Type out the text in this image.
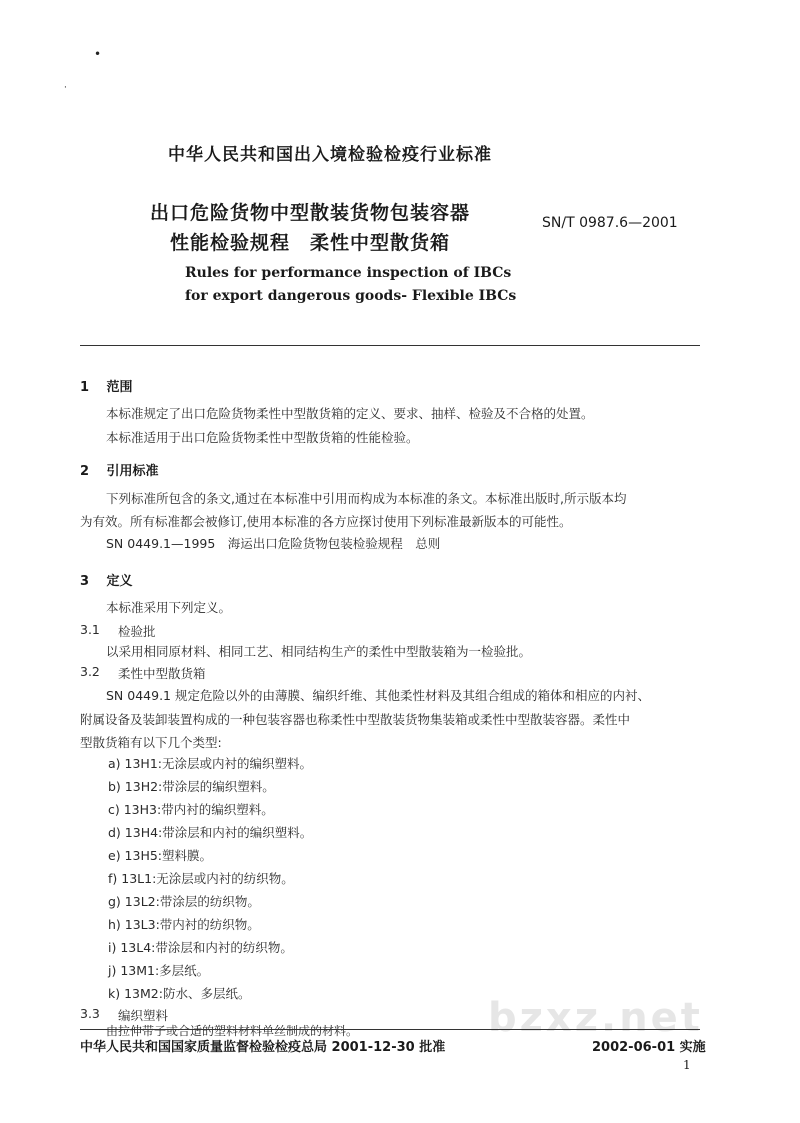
•
·
中华人民共和国出入境检验检疫行业标准
出口危险货物中型散装货物包装容器
性能检验规程　柔性中型散货箱
SN/T 0987.6—2001
Rules for performance inspection of IBCs
for export dangerous goods- Flexible IBCs
1 范围
本标准规定了出口危险货物柔性中型散货箱的定义、要求、抽样、检验及不合格的处置。
本标准适用于出口危险货物柔性中型散货箱的性能检验。
2 引用标准
下列标准所包含的条文,通过在本标准中引用而构成为本标准的条文。本标准出版时,所示版本均
为有效。所有标准都会被修订,使用本标准的各方应探讨使用下列标准最新版本的可能性。
SN 0449.1—1995　海运出口危险货物包装检验规程　总则
3 定义
本标准采用下列定义。
3.1 检验批
以采用相同原材料、相同工艺、相同结构生产的柔性中型散装箱为一检验批。
3.2 柔性中型散货箱
SN 0449.1 规定危险以外的由薄膜、编织纤维、其他柔性材料及其组合组成的箱体和相应的内衬、
附属设备及装卸装置构成的一种包装容器也称柔性中型散装货物集装箱或柔性中型散装容器。柔性中
型散货箱有以下几个类型:
a) 13H1:无涂层或内衬的编织塑料。
b) 13H2:带涂层的编织塑料。
c) 13H3:带内衬的编织塑料。
d) 13H4:带涂层和内衬的编织塑料。
e) 13H5:塑料膜。
f) 13L1:无涂层或内衬的纺织物。
g) 13L2:带涂层的纺织物。
h) 13L3:带内衬的纺织物。
i) 13L4:带涂层和内衬的纺织物。
j) 13M1:多层纸。
k) 13M2:防水、多层纸。
3.3 编织塑料	bzxz.net
由拉伸带子或合适的塑料材料单丝制成的材料。
中华人民共和国国家质量监督检验检疫总局 2001-12-30 批准	2002-06-01 实施
1
